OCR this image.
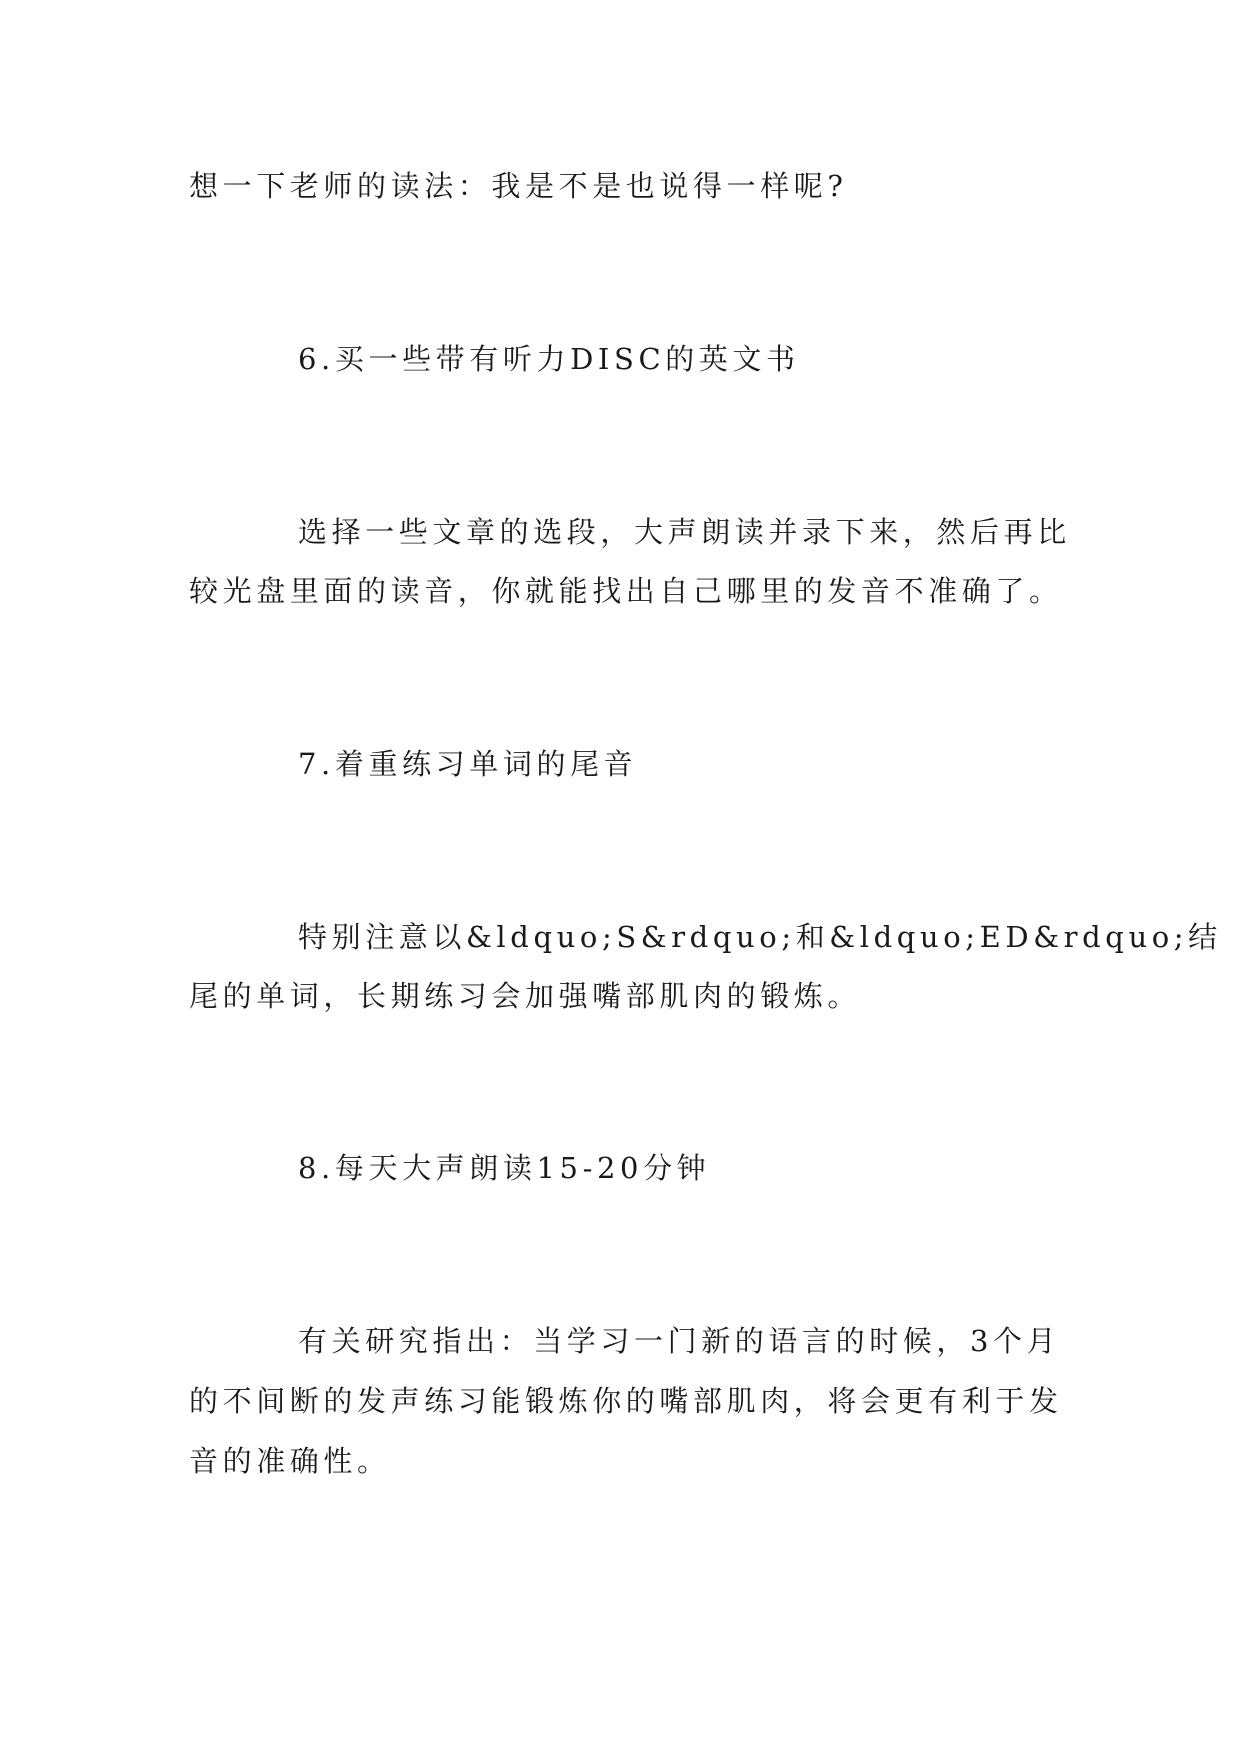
想一下老师的读法：我是不是也说得一样呢?
6.买一些带有听力DISC的英文书
选择一些文章的选段，大声朗读并录下来，然后再比
较光盘里面的读音，你就能找出自己哪里的发音不准确了。
7.着重练习单词的尾音
特别注意以&ldquo;S&rdquo;和&ldquo;ED&rdquo;结
尾的单词，长期练习会加强嘴部肌肉的锻炼。
8.每天大声朗读15-20分钟
有关研究指出：当学习一门新的语言的时候，3个月
的不间断的发声练习能锻炼你的嘴部肌肉，将会更有利于发
音的准确性。
